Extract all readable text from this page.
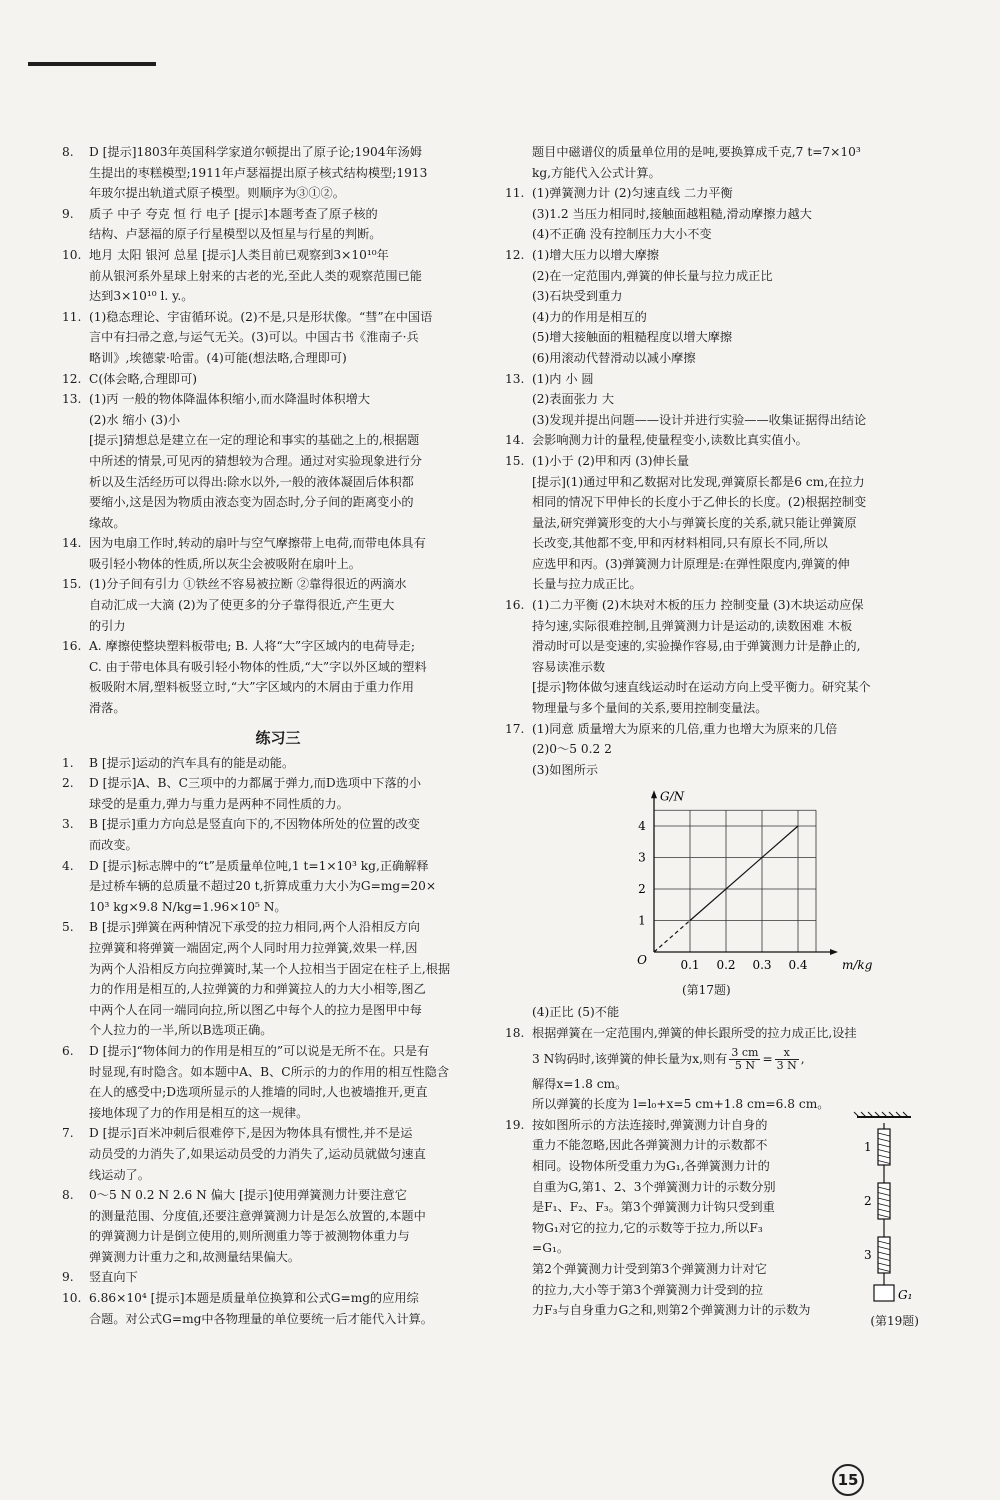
8.	D [提示]1803年英国科学家道尔顿提出了原子论;1904年汤姆
生提出的枣糕模型;1911年卢瑟福提出原子核式结构模型;1913
年玻尔提出轨道式原子模型。则顺序为③①②。
9.	质子 中子 夸克 恒 行 电子 [提示]本题考查了原子核的
结构、卢瑟福的原子行星模型以及恒星与行星的判断。
10. 地月 太阳 银河 总星 [提示]人类目前已观察到3×10¹⁰年
前从银河系外星球上射来的古老的光,至此人类的观察范围已能
达到3×10¹⁰ l. y.。
11. (1)稳态理论、宇宙循环说。(2)不是,只是形状像。“彗”在中国语
言中有扫帚之意,与运气无关。(3)可以。中国古书《淮南子·兵
略训》,埃德蒙·哈雷。(4)可能(想法略,合理即可)
12. C(体会略,合理即可)
13. (1)丙 一般的物体降温体积缩小,而水降温时体积增大
(2)水 缩小 (3)小
[提示]猜想总是建立在一定的理论和事实的基础之上的,根据题
中所述的情景,可见丙的猜想较为合理。通过对实验现象进行分
析以及生活经历可以得出:除水以外,一般的液体凝固后体积都
要缩小,这是因为物质由液态变为固态时,分子间的距离变小的
缘故。
14. 因为电扇工作时,转动的扇叶与空气摩擦带上电荷,而带电体具有
吸引轻小物体的性质,所以灰尘会被吸附在扇叶上。
15. (1)分子间有引力 ①铁丝不容易被拉断 ②靠得很近的两滴水
自动汇成一大滴 (2)为了使更多的分子靠得很近,产生更大
的引力
16. A. 摩擦使整块塑料板带电; B. 人将“大”字区域内的电荷导走;
C. 由于带电体具有吸引轻小物体的性质,“大”字以外区域的塑料
板吸附木屑,塑料板竖立时,“大”字区域内的木屑由于重力作用
滑落。
练习三
1.	B [提示]运动的汽车具有的能是动能。
2.	D [提示]A、B、C三项中的力都属于弹力,而D选项中下落的小
球受的是重力,弹力与重力是两种不同性质的力。
3.	B [提示]重力方向总是竖直向下的,不因物体所处的位置的改变
而改变。
4.	D [提示]标志牌中的“t”是质量单位吨,1 t=1×10³ kg,正确解释
是过桥车辆的总质量不超过20 t,折算成重力大小为G=mg=20×
10³ kg×9.8 N/kg=1.96×10⁵ N。
5.	B [提示]弹簧在两种情况下承受的拉力相同,两个人沿相反方向
拉弹簧和将弹簧一端固定,两个人同时用力拉弹簧,效果一样,因
为两个人沿相反方向拉弹簧时,某一个人拉相当于固定在柱子上,根据
力的作用是相互的,人拉弹簧的力和弹簧拉人的力大小相等,图乙
中两个人在同一端同向拉,所以图乙中每个人的拉力是图甲中每
个人拉力的一半,所以B选项正确。
6.	D [提示]“物体间力的作用是相互的”可以说是无所不在。只是有
时显现,有时隐含。如本题中A、B、C所示的力的作用的相互性隐含
在人的感受中;D选项所显示的人推墙的同时,人也被墙推开,更直
接地体现了力的作用是相互的这一规律。
7.	D [提示]百米冲刺后很难停下,是因为物体具有惯性,并不是运
动员受的力消失了,如果运动员受的力消失了,运动员就做匀速直
线运动了。
8.	0～5 N 0.2 N 2.6 N 偏大 [提示]使用弹簧测力计要注意它
的测量范围、分度值,还要注意弹簧测力计是怎么放置的,本题中
的弹簧测力计是倒立使用的,则所测重力等于被测物体重力与
弹簧测力计重力之和,故测量结果偏大。
9.	竖直向下
10. 6.86×10⁴ [提示]本题是质量单位换算和公式G=mg的应用综
合题。对公式G=mg中各物理量的单位要统一后才能代入计算。
题目中磁谱仪的质量单位用的是吨,要换算成千克,7 t=7×10³
kg,方能代入公式计算。
11. (1)弹簧测力计 (2)匀速直线 二力平衡
(3)1.2 当压力相同时,接触面越粗糙,滑动摩擦力越大
(4)不正确 没有控制压力大小不变
12. (1)增大压力以增大摩擦
(2)在一定范围内,弹簧的伸长量与拉力成正比
(3)石块受到重力
(4)力的作用是相互的
(5)增大接触面的粗糙程度以增大摩擦
(6)用滚动代替滑动以减小摩擦
13. (1)内 小 圆
(2)表面张力 大
(3)发现并提出问题——设计并进行实验——收集证据得出结论
14. 会影响测力计的量程,使量程变小,读数比真实值小。
15. (1)小于 (2)甲和丙 (3)伸长量
[提示](1)通过甲和乙数据对比发现,弹簧原长都是6 cm,在拉力
相同的情况下甲伸长的长度小于乙伸长的长度。(2)根据控制变
量法,研究弹簧形变的大小与弹簧长度的关系,就只能让弹簧原
长改变,其他都不变,甲和丙材料相同,只有原长不同,所以
应选甲和丙。(3)弹簧测力计原理是:在弹性限度内,弹簧的伸
长量与拉力成正比。
16. (1)二力平衡 (2)木块对木板的压力 控制变量 (3)木块运动应保
持匀速,实际很难控制,且弹簧测力计是运动的,读数困难 木板
滑动时可以是变速的,实验操作容易,由于弹簧测力计是静止的,
容易读准示数
[提示]物体做匀速直线运动时在运动方向上受平衡力。研究某个
物理量与多个量间的关系,要用控制变量法。
17. (1)同意 质量增大为原来的几倍,重力也增大为原来的几倍
(2)0～5 0.2 2
(3)如图所示
0.1 0.2 0.3 0.4
1
2
3
4
O
G/N
m/kg
(第17题)
(4)正比 (5)不能
18. 根据弹簧在一定范围内,弹簧的伸长跟所受的拉力成正比,设挂
3 N钩码时,该弹簧的伸长量为x,则有 $\frac{3 cm}{5 N} = \frac{x}{3 N}$ ,
解得x=1.8 cm。
所以弹簧的长度为 l=l₀+x=5 cm+1.8 cm=6.8 cm。
19. 按如图所示的方法连接时,弹簧测力计自身的
重力不能忽略,因此各弹簧测力计的示数都不
相同。设物体所受重力为G₁,各弹簧测力计的
自重为G,第1、2、3个弹簧测力计的示数分别
是F₁、F₂、F₃。第3个弹簧测力计钩只受到重
物G₁对它的拉力,它的示数等于拉力,所以F₃
=G₁。
第2个弹簧测力计受到第3个弹簧测力计对它
的拉力,大小等于第3个弹簧测力计受到的拉
力F₃与自身重力G之和,则第2个弹簧测力计的示数为
1
2
3
G₁
(第19题)
15
